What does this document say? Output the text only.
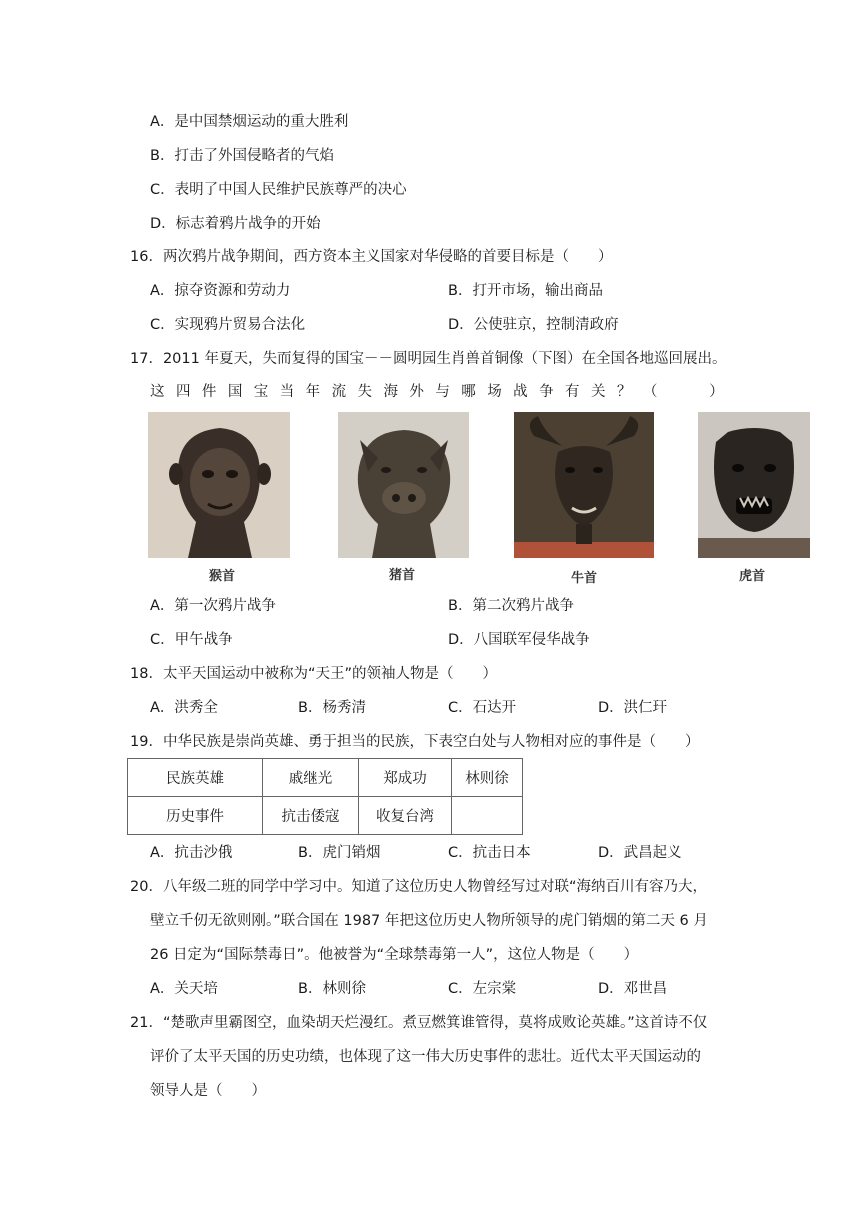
A．是中国禁烟运动的重大胜利
B．打击了外国侵略者的气焰
C．表明了中国人民维护民族尊严的决心
D．标志着鸦片战争的开始
16．两次鸦片战争期间，西方资本主义国家对华侵略的首要目标是（　　）
A．掠夺资源和劳动力	B．打开市场，输出商品
C．实现鸦片贸易合法化	D．公使驻京，控制清政府
17．2011 年夏天，失而复得的国宝－－圆明园生肖兽首铜像（下图）在全国各地巡回展出。
这 四 件 国 宝 当 年 流 失 海 外 与 哪 场 战 争 有 关 ？ （
　　	）
猴首	猪首	牛首	虎首
A．第一次鸦片战争	B．第二次鸦片战争
C．甲午战争	D．八国联军侵华战争
18．太平天国运动中被称为“天王”的领袖人物是（　　）
A．洪秀全	B．杨秀清	C．石达开	D．洪仁玕
19．中华民族是崇尚英雄、勇于担当的民族，下表空白处与人物相对应的事件是（　　）
民族英雄	戚继光	郑成功	林则徐
历史事件	抗击倭寇	收复台湾	
A．抗击沙俄	B．虎门销烟	C．抗击日本	D．武昌起义
20．八年级二班的同学中学习中。知道了这位历史人物曾经写过对联“海纳百川有容乃大，
壁立千仞无欲则刚。”联合国在 1987 年把这位历史人物所领导的虎门销烟的第二天 6 月
26 日定为“国际禁毒日”。他被誉为“全球禁毒第一人”，这位人物是（　　）
A．关天培	B．林则徐	C．左宗棠	D．邓世昌
21．“楚歌声里霸图空，血染胡天烂漫红。煮豆燃箕谁管得，莫将成败论英雄。”这首诗不仅
评价了太平天国的历史功绩，也体现了这一伟大历史事件的悲壮。近代太平天国运动的
领导人是（　　）
